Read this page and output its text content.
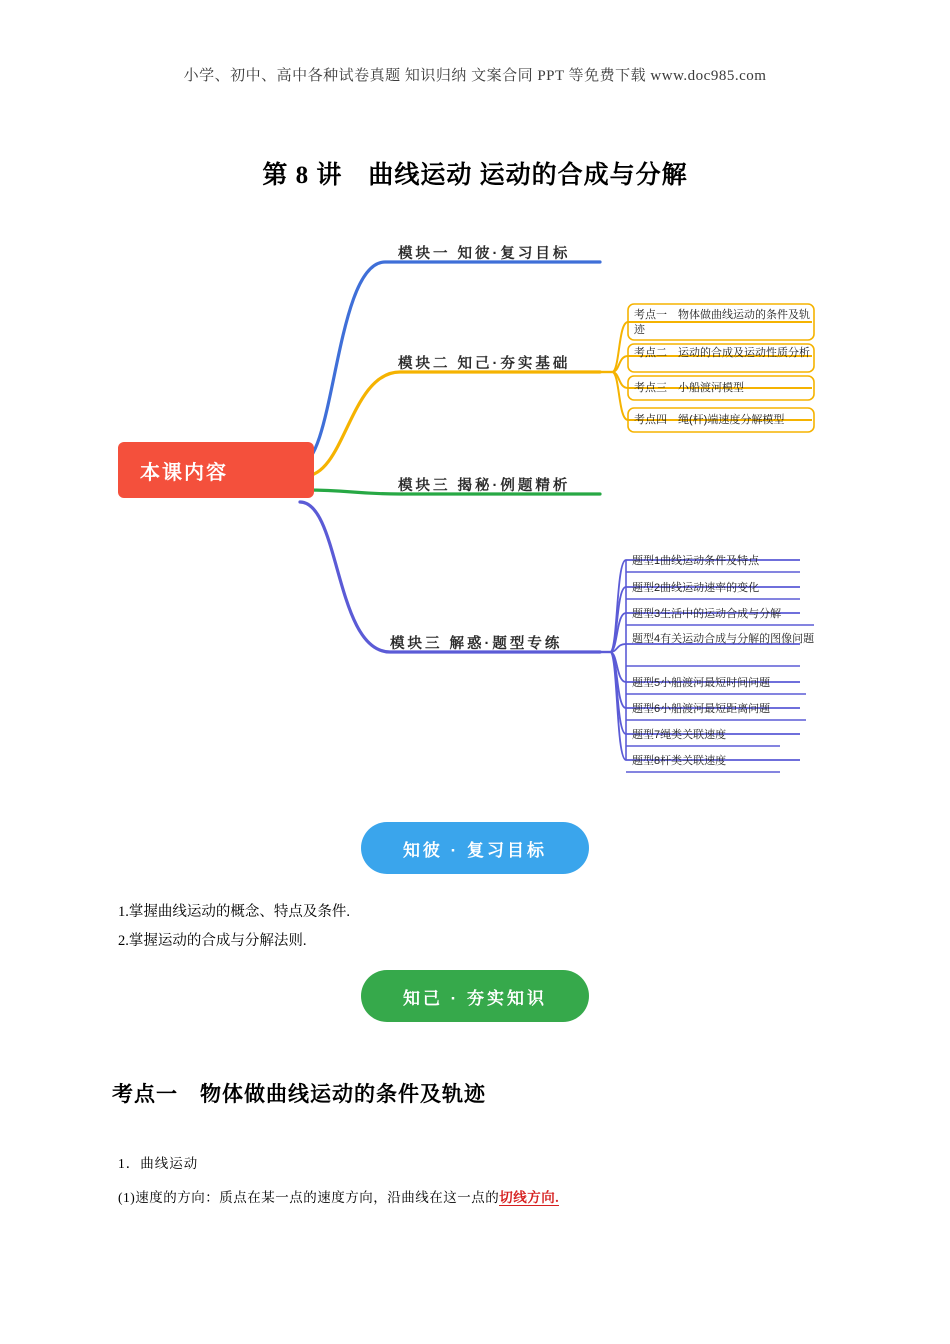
小学、初中、高中各种试卷真题 知识归纳 文案合同 PPT 等免费下载 www.doc985.com
第 8 讲　曲线运动 运动的合成与分解
本课内容
模块一 知彼·复习目标
模块二 知己·夯实基础
模块三 揭秘·例题精析
模块三 解惑·题型专练
考点一　物体做曲线运动的条件及轨迹
考点二　运动的合成及运动性质分析
考点三　小船渡河模型
考点四　绳(杆)端速度分解模型
题型1曲线运动条件及特点
题型2曲线运动速率的变化
题型3生活中的运动合成与分解
题型4有关运动合成与分解的图像问题
题型5小船渡河最短时间问题
题型6小船渡河最短距离问题
题型7绳类关联速度
题型8杆类关联速度
知彼 · 复习目标
1.掌握曲线运动的概念、特点及条件.
2.掌握运动的合成与分解法则.
知己 · 夯实知识
考点一　物体做曲线运动的条件及轨迹
1．曲线运动
(1)速度的方向：质点在某一点的速度方向，沿曲线在这一点的切线方向.
